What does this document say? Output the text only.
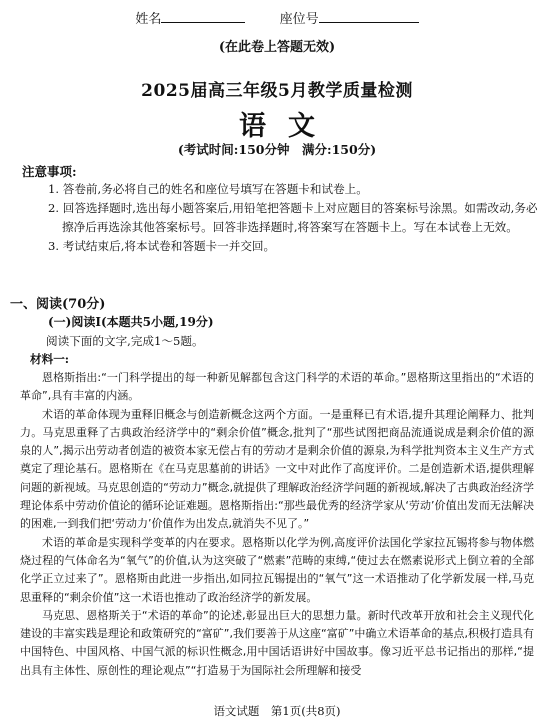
姓名	座位号
(在此卷上答题无效)
2025届高三年级5月教学质量检测
语文
(考试时间:150分钟　满分:150分)
注意事项:

1. 答卷前,务必将自己的姓名和座位号填写在答题卡和试卷上。

2. 回答选择题时,选出每小题答案后,用铅笔把答题卡上对应题目的答案标号涂黑。如需改动,务必擦净后再选涂其他答案标号。回答非选择题时,将答案写在答题卡上。写在本试卷上无效。

3. 考试结束后,将本试卷和答题卡一并交回。

一、阅读(70分)
(一)阅读Ⅰ(本题共5小题,19分)
阅读下面的文字,完成1～5题。
材料一:

恩格斯指出:“一门科学提出的每一种新见解都包含这门科学的术语的革命。”恩格斯这里指出的“术语的革命”,具有丰富的内涵。

术语的革命体现为重释旧概念与创造新概念这两个方面。一是重释已有术语,提升其理论阐释力、批判力。马克思重释了古典政治经济学中的“剩余价值”概念,批判了“那些试图把商品流通说成是剩余价值的源泉的人”,揭示出劳动者创造的被资本家无偿占有的劳动才是剩余价值的源泉,为科学批判资本主义生产方式奠定了理论基石。恩格斯在《在马克思墓前的讲话》一文中对此作了高度评价。二是创造新术语,提供理解问题的新视域。马克思创造的“劳动力”概念,就提供了理解政治经济学问题的新视域,解决了古典政治经济学理论体系中劳动价值论的循环论证难题。恩格斯指出:“那些最优秀的经济学家从‘劳动’价值出发而无法解决的困难,一到我们把‘劳动力’价值作为出发点,就消失不见了。”

术语的革命是实现科学变革的内在要求。恩格斯以化学为例,高度评价法国化学家拉瓦锡将参与物体燃烧过程的气体命名为“氧气”的价值,认为这突破了“燃素”范畴的束缚,“使过去在燃素说形式上倒立着的全部化学正立过来了”。恩格斯由此进一步指出,如同拉瓦锡提出的“氧气”这一术语推动了化学新发展一样,马克思重释的“剩余价值”这一术语也推动了政治经济学的新发展。

马克思、恩格斯关于“术语的革命”的论述,彰显出巨大的思想力量。新时代改革开放和社会主义现代化建设的丰富实践是理论和政策研究的“富矿”,我们要善于从这座“富矿”中确立术语革命的基点,积极打造具有中国特色、中国风格、中国气派的标识性概念,用中国话语讲好中国故事。像习近平总书记指出的那样,“提出具有主体性、原创性的理论观点”“打造易于为国际社会所理解和接受

语文试题　第1页(共8页)
